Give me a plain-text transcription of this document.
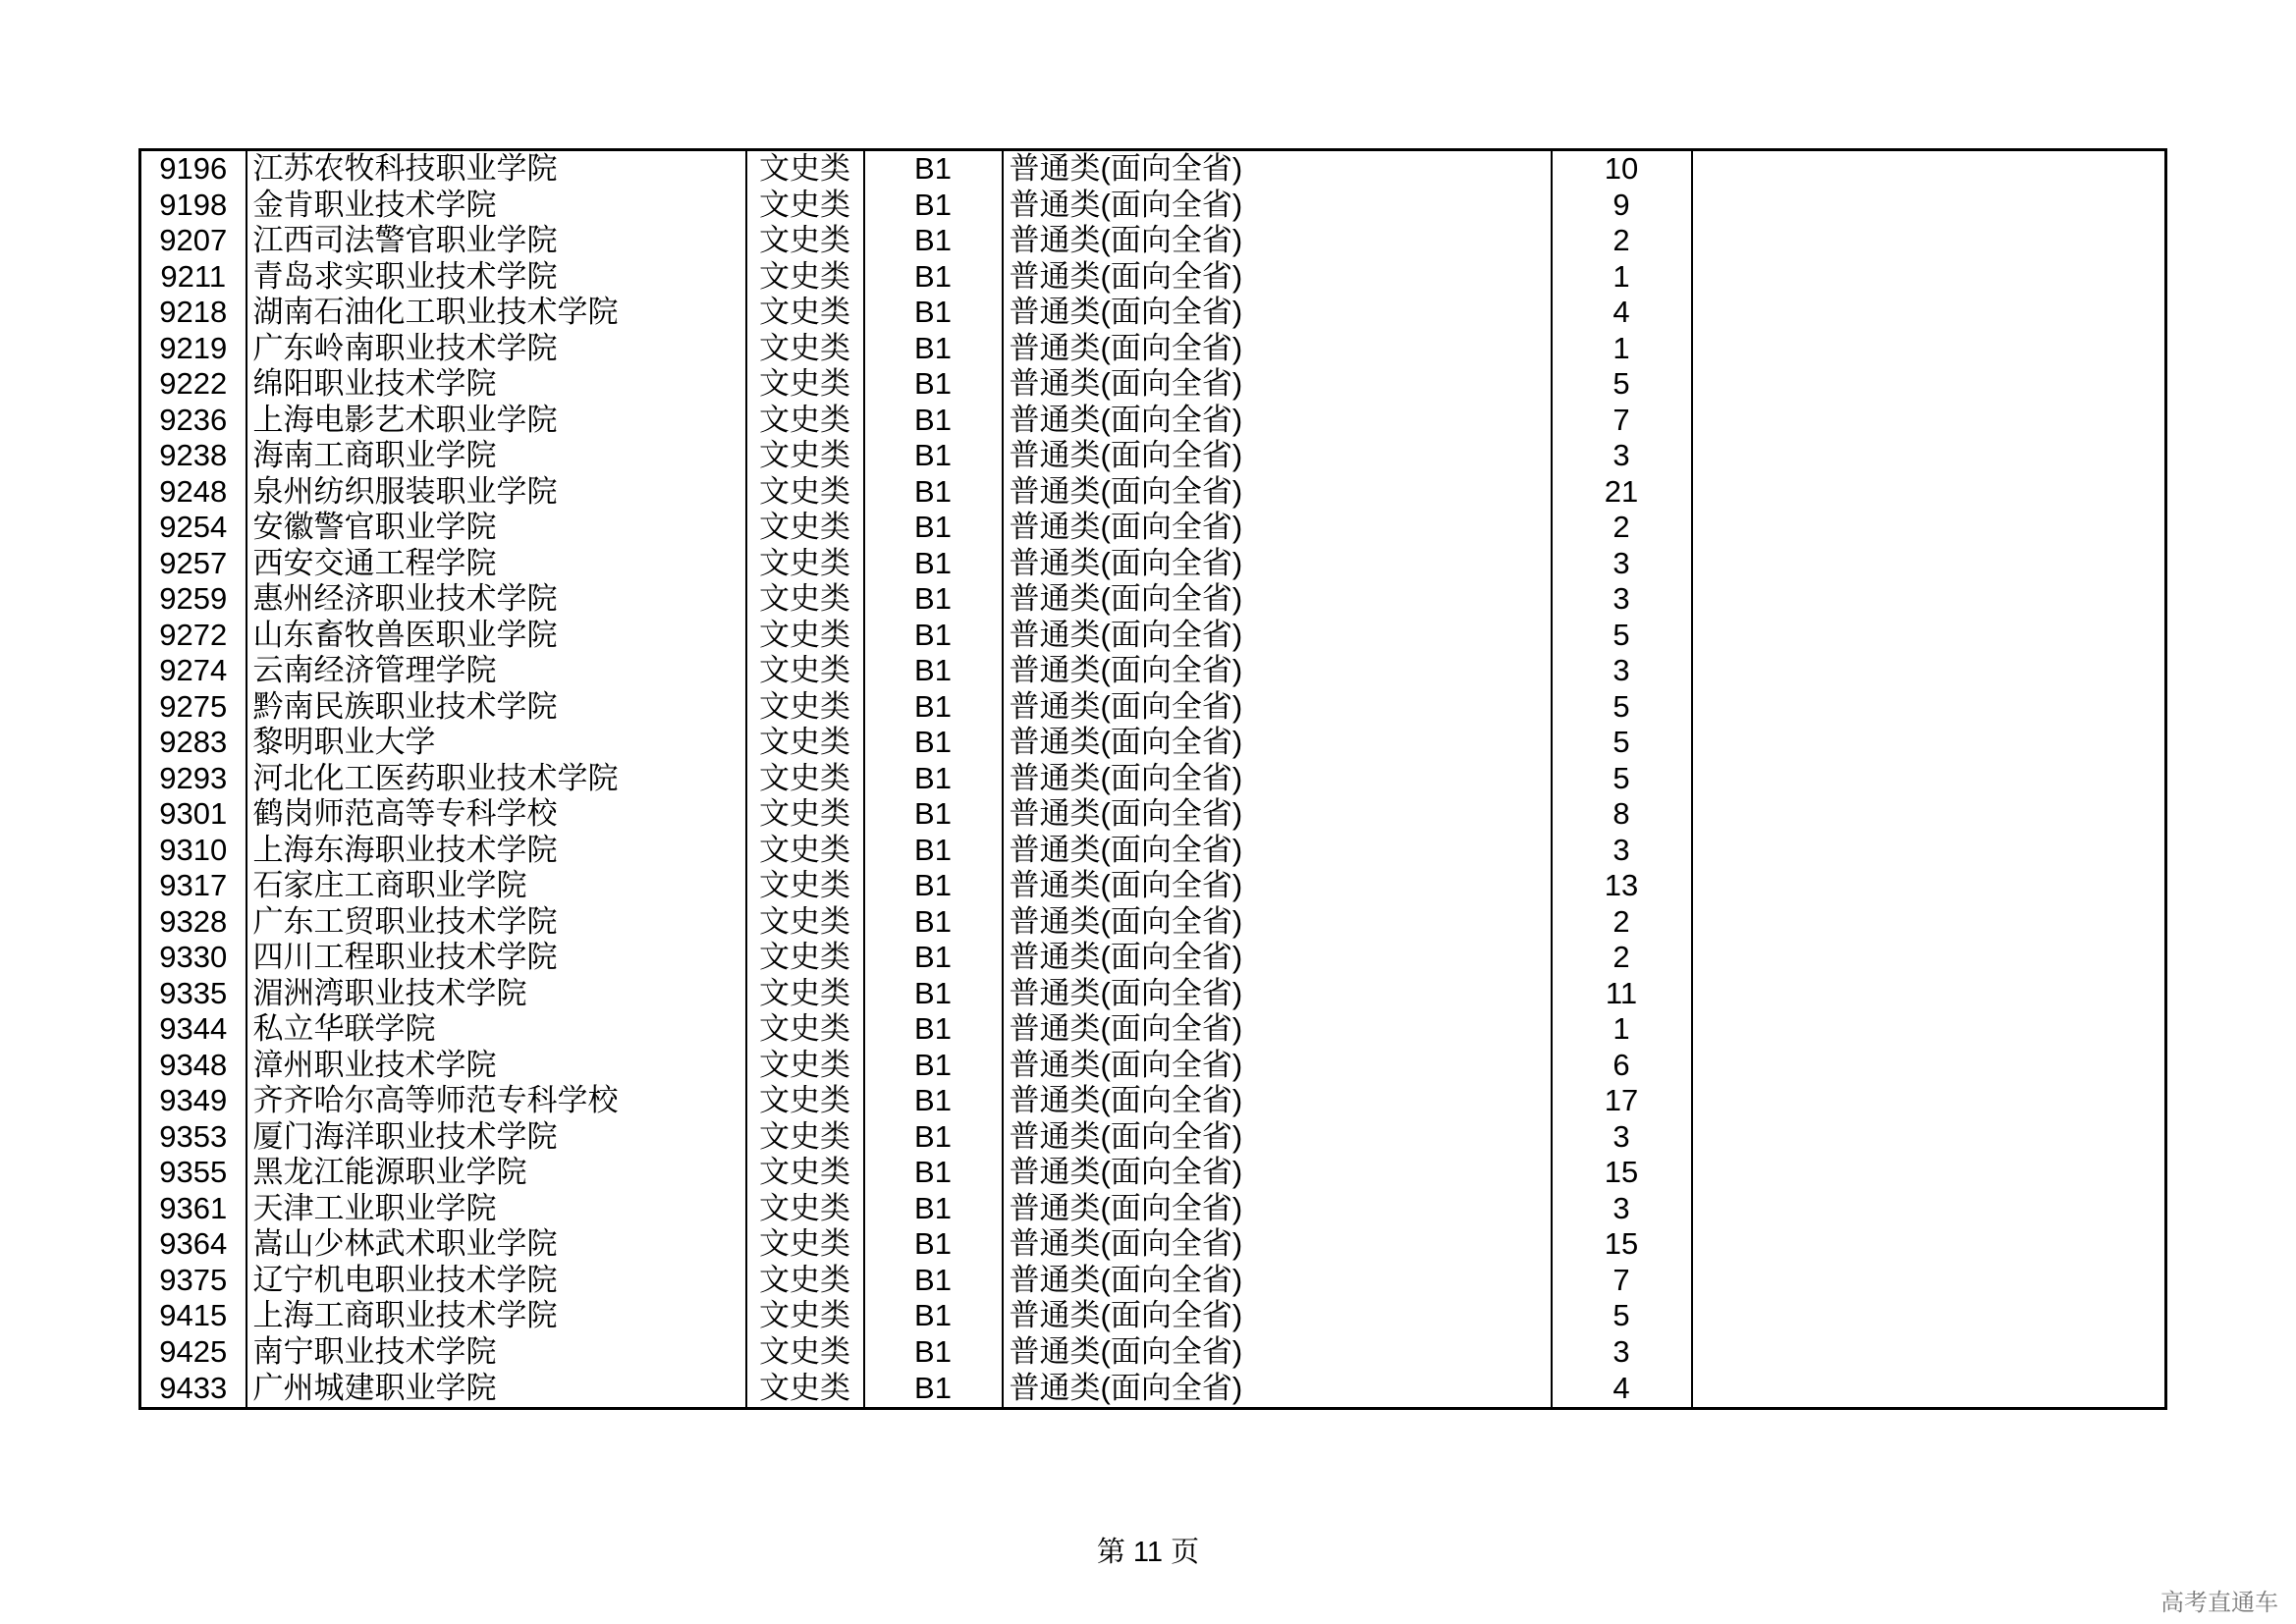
9196	江苏农牧科技职业学院	文史类	B1	普通类(面向全省)	10	
9198	金肯职业技术学院	文史类	B1	普通类(面向全省)	9	
9207	江西司法警官职业学院	文史类	B1	普通类(面向全省)	2	
9211	青岛求实职业技术学院	文史类	B1	普通类(面向全省)	1	
9218	湖南石油化工职业技术学院	文史类	B1	普通类(面向全省)	4	
9219	广东岭南职业技术学院	文史类	B1	普通类(面向全省)	1	
9222	绵阳职业技术学院	文史类	B1	普通类(面向全省)	5	
9236	上海电影艺术职业学院	文史类	B1	普通类(面向全省)	7	
9238	海南工商职业学院	文史类	B1	普通类(面向全省)	3	
9248	泉州纺织服装职业学院	文史类	B1	普通类(面向全省)	21	
9254	安徽警官职业学院	文史类	B1	普通类(面向全省)	2	
9257	西安交通工程学院	文史类	B1	普通类(面向全省)	3	
9259	惠州经济职业技术学院	文史类	B1	普通类(面向全省)	3	
9272	山东畜牧兽医职业学院	文史类	B1	普通类(面向全省)	5	
9274	云南经济管理学院	文史类	B1	普通类(面向全省)	3	
9275	黔南民族职业技术学院	文史类	B1	普通类(面向全省)	5	
9283	黎明职业大学	文史类	B1	普通类(面向全省)	5	
9293	河北化工医药职业技术学院	文史类	B1	普通类(面向全省)	5	
9301	鹤岗师范高等专科学校	文史类	B1	普通类(面向全省)	8	
9310	上海东海职业技术学院	文史类	B1	普通类(面向全省)	3	
9317	石家庄工商职业学院	文史类	B1	普通类(面向全省)	13	
9328	广东工贸职业技术学院	文史类	B1	普通类(面向全省)	2	
9330	四川工程职业技术学院	文史类	B1	普通类(面向全省)	2	
9335	湄洲湾职业技术学院	文史类	B1	普通类(面向全省)	11	
9344	私立华联学院	文史类	B1	普通类(面向全省)	1	
9348	漳州职业技术学院	文史类	B1	普通类(面向全省)	6	
9349	齐齐哈尔高等师范专科学校	文史类	B1	普通类(面向全省)	17	
9353	厦门海洋职业技术学院	文史类	B1	普通类(面向全省)	3	
9355	黑龙江能源职业学院	文史类	B1	普通类(面向全省)	15	
9361	天津工业职业学院	文史类	B1	普通类(面向全省)	3	
9364	嵩山少林武术职业学院	文史类	B1	普通类(面向全省)	15	
9375	辽宁机电职业技术学院	文史类	B1	普通类(面向全省)	7	
9415	上海工商职业技术学院	文史类	B1	普通类(面向全省)	5	
9425	南宁职业技术学院	文史类	B1	普通类(面向全省)	3	
9433	广州城建职业学院	文史类	B1	普通类(面向全省)	4	
第 11 页
高考直通车
